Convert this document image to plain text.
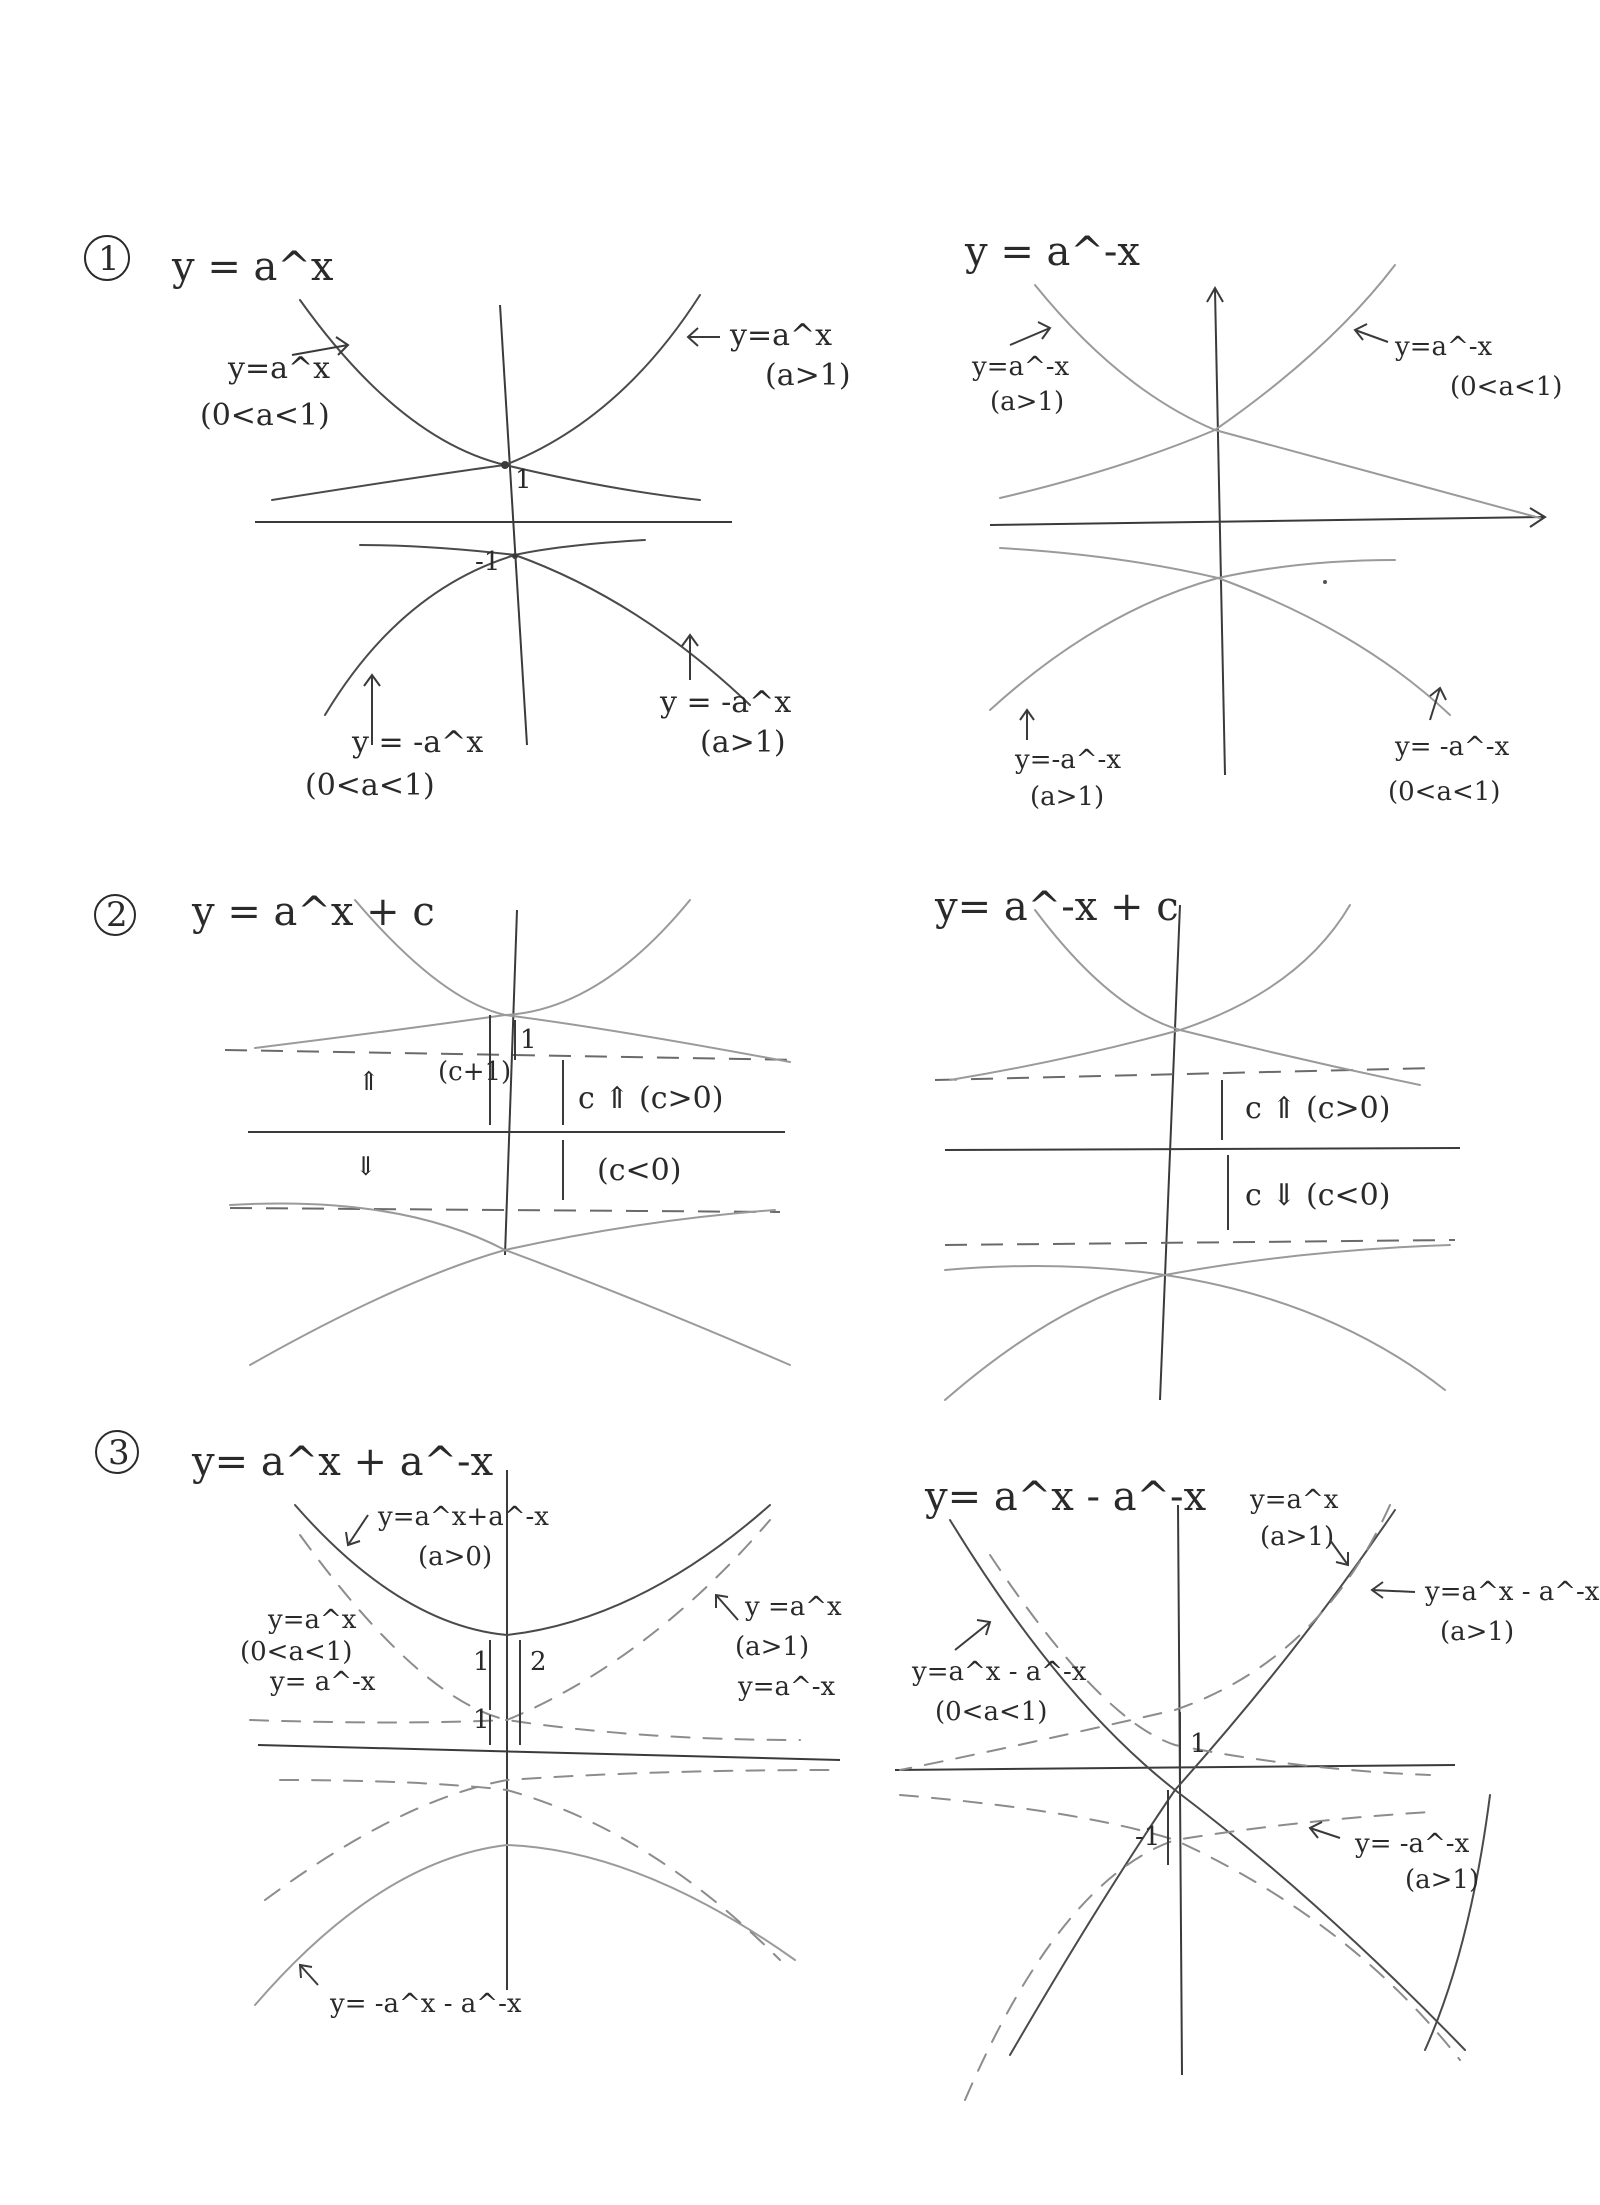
1 y = a^x
1
-1
y=a^x
(0<a<1)
y=a^x
(a>1)
y = -a^x
(0<a<1)
y = -a^x
(a>1)
y = a^-x
y=a^-x
(a>1)
y=a^-x
(0<a<1)
y=-a^-x
(a>1)
y= -a^-x
(0<a<1)
2 y = a^x + c
1
(c+1)
c ⇑ (c>0)
(c<0)
⇑
⇓
y= a^-x + c
c ⇑ (c>0)
c ⇓ (c<0)
3 y= a^x + a^-x
1
1
2
y=a^x+a^-x
(a>0)
y=a^x
(0<a<1)
y= a^-x
y =a^x
(a>1)
y=a^-x
y= -a^x - a^-x
y= a^x - a^-x
1
-1
y=a^x
(a>1)
y=a^x - a^-x
(a>1)
y=a^x - a^-x
(0<a<1)
y= -a^-x
(a>1)
